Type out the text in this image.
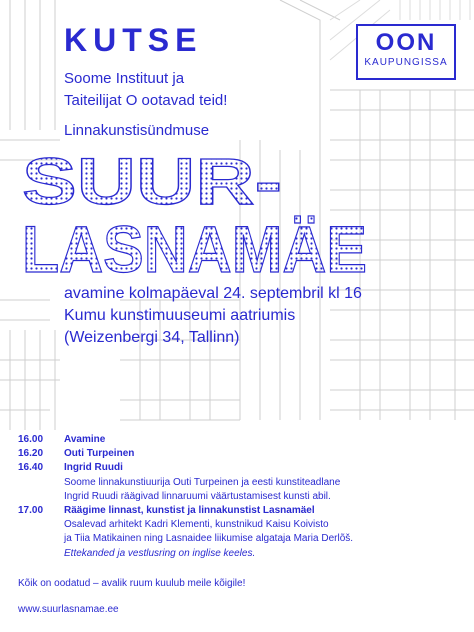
KUTSE	OON
KAUPUNGISSA
Soome Instituut ja
Taiteilijat O ootavad teid!
Linnakunstisündmuse
SUUR-
LASNAMÄE
avamine kolmapäeval 24. septembril kl 16
Kumu kunstimuuseumi aatriumis
(Weizenbergi 34, Tallinn)
16.00	Avamine
16.20	Outi Turpeinen
16.40	Ingrid Ruudi
Soome linnakunstiuurija Outi Turpeinen ja eesti kunstiteadlane
Ingrid Ruudi räägivad linnaruumi väärtustamisest kunsti abil.
17.00	Räägime linnast, kunstist ja linnakunstist Lasnamäel
Osalevad arhitekt Kadri Klementi, kunstnikud Kaisu Koivisto
ja Tiia Matikainen ning Lasnaidee liikumise algataja Maria Derlõš.
Ettekanded ja vestlusring on inglise keeles.
Kõik on oodatud – avalik ruum kuulub meile kõigile!
www.suurlasnamae.ee
